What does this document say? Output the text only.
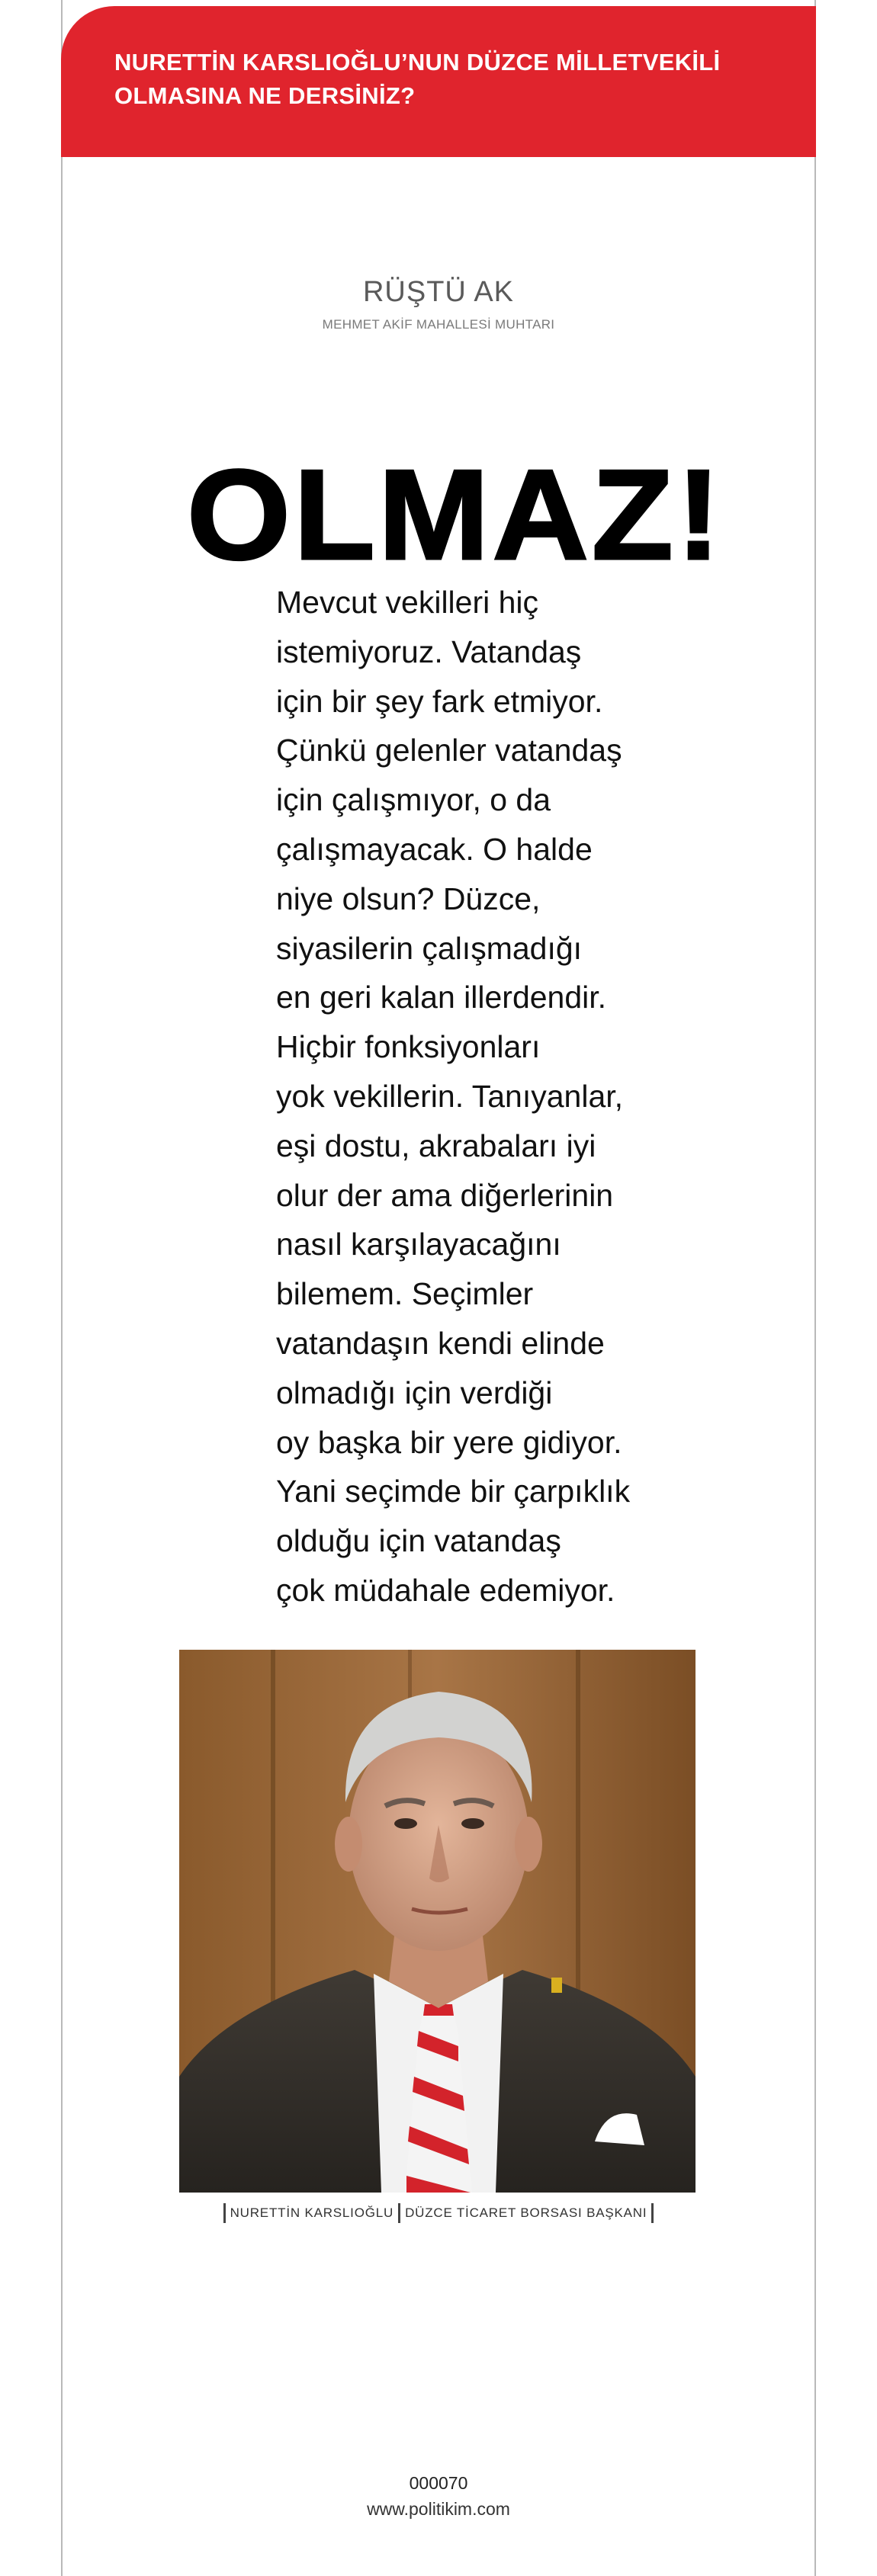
NURETTİN KARSLIOĞLU’NUN DÜZCE MİLLETVEKİLİ
OLMASINA NE DERSİNİZ?

RÜŞTÜ AK
MEHMET AKİF MAHALLESİ MUHTARI
OLMAZ!
Mevcut vekilleri hiç
istemiyoruz. Vatandaş
için bir şey fark etmiyor.
Çünkü gelenler vatandaş
için çalışmıyor, o da
çalışmayacak. O halde
niye olsun? Düzce,
siyasilerin çalışmadığı
en geri kalan illerdendir.
Hiçbir fonksiyonları
yok vekillerin. Tanıyanlar,
eşi dostu, akrabaları iyi
olur der ama diğerlerinin
nasıl karşılayacağını
bilemem. Seçimler
vatandaşın kendi elinde
olmadığı için verdiği
oy başka bir yere gidiyor.
Yani seçimde bir çarpıklık
olduğu için vatandaş
çok müdahale edemiyor.
NURETTİN KARSLIOĞLU DÜZCE TİCARET BORSASI BAŞKANI
000070
www.politikim.com
